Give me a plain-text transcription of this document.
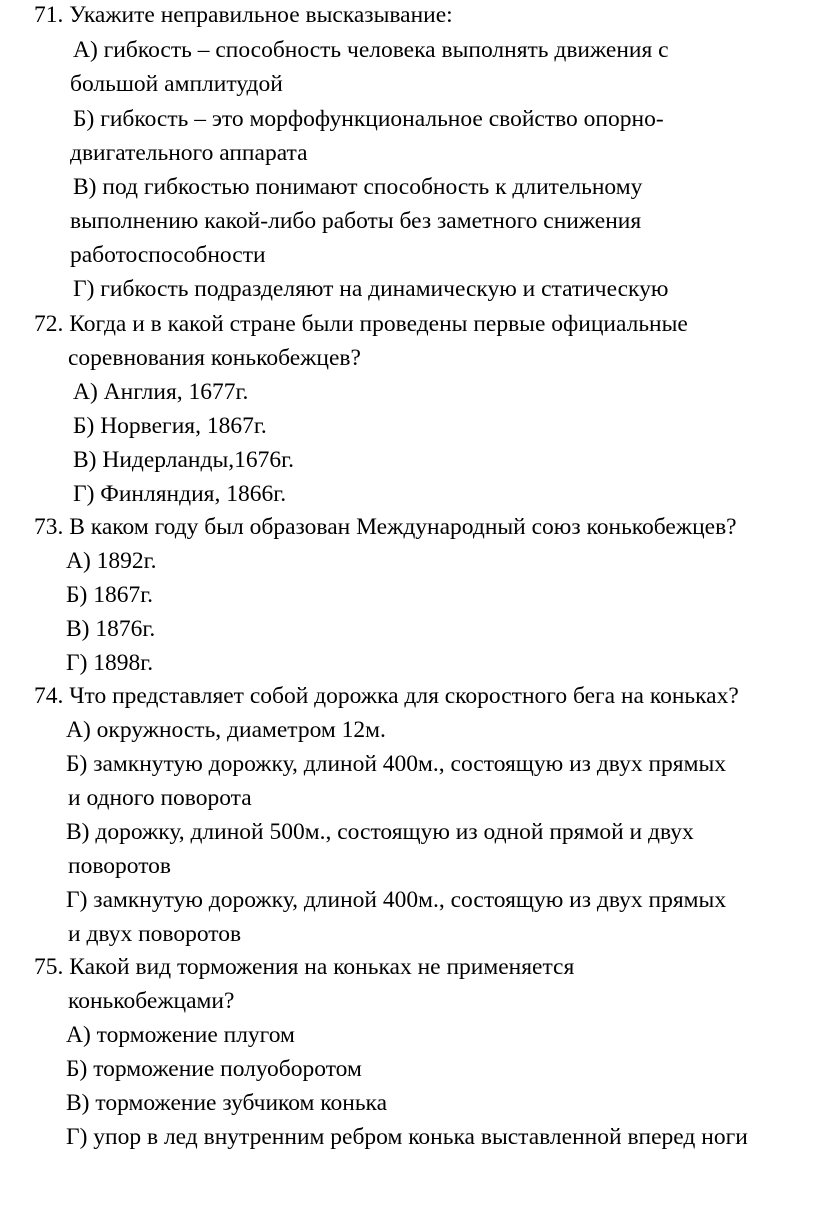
71. Укажите неправильное высказывание:
А) гибкость – способность человека выполнять движения с
большой амплитудой
Б) гибкость – это морфофункциональное свойство опорно-
двигательного аппарата
В) под гибкостью понимают способность к длительному
выполнению какой-либо работы без заметного снижения
работоспособности
Г) гибкость подразделяют на динамическую и статическую
72. Когда и в какой стране были проведены первые официальные
соревнования конькобежцев?
А) Англия, 1677г.
Б) Норвегия, 1867г.
В) Нидерланды,1676г.
Г) Финляндия, 1866г.
73. В каком году был образован Международный союз конькобежцев?
А) 1892г.
Б) 1867г.
В) 1876г.
Г) 1898г.
74. Что представляет собой дорожка для скоростного бега на коньках?
А) окружность, диаметром 12м.
Б) замкнутую дорожку, длиной 400м., состоящую из двух прямых
и одного поворота
В) дорожку, длиной 500м., состоящую из одной прямой и двух
поворотов
Г) замкнутую дорожку, длиной 400м., состоящую из двух прямых
и двух поворотов
75. Какой вид торможения на коньках не применяется
конькобежцами?
А) торможение плугом
Б) торможение полуоборотом
В) торможение зубчиком конька
Г) упор в лед внутренним ребром конька выставленной вперед ноги
